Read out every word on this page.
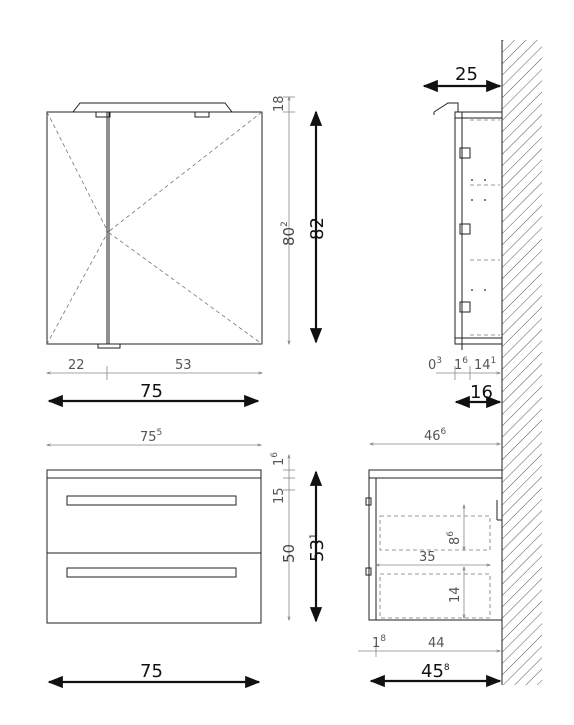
18
$80^2$ 82
22	53
75
25
$0^3$ $1^6$ $14^1$
16
$75^5$
$1^6$
15
50 $53^1$
75
$46^6$
$8^6$
35
14
$1^8$	44
$45^8$
